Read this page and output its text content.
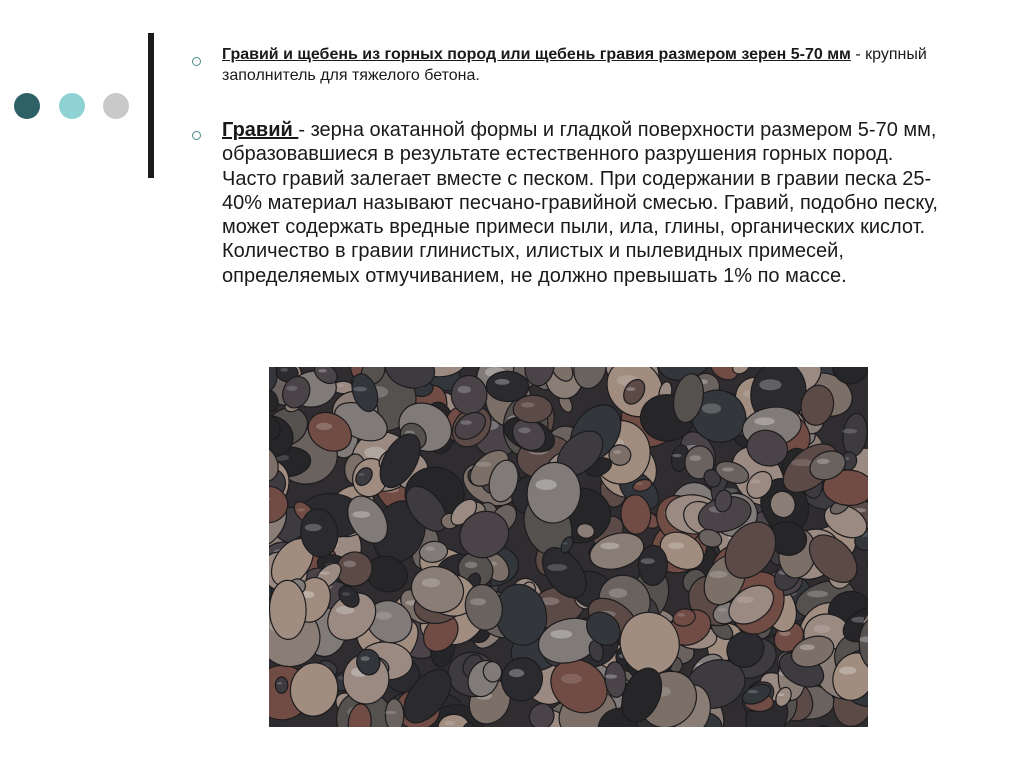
Гравий и щебень из горных пород или щебень гравия размером зерен 5-70 мм - крупный заполнитель для тяжелого бетона.
Гравий - зерна окатанной формы и гладкой поверхности размером 5-70 мм, образовавшиеся в результате естественного разрушения горных пород. Часто гравий залегает вместе с песком. При содержании в гравии песка 25-40% материал называют песчано-гравийной смесью. Гравий, подобно песку, может содержать вредные примеси пыли, ила, глины, органических кислот. Количество в гравии глинистых, илистых и пылевидных примесей, определяемых отмучиванием, не должно превышать 1% по массе.
